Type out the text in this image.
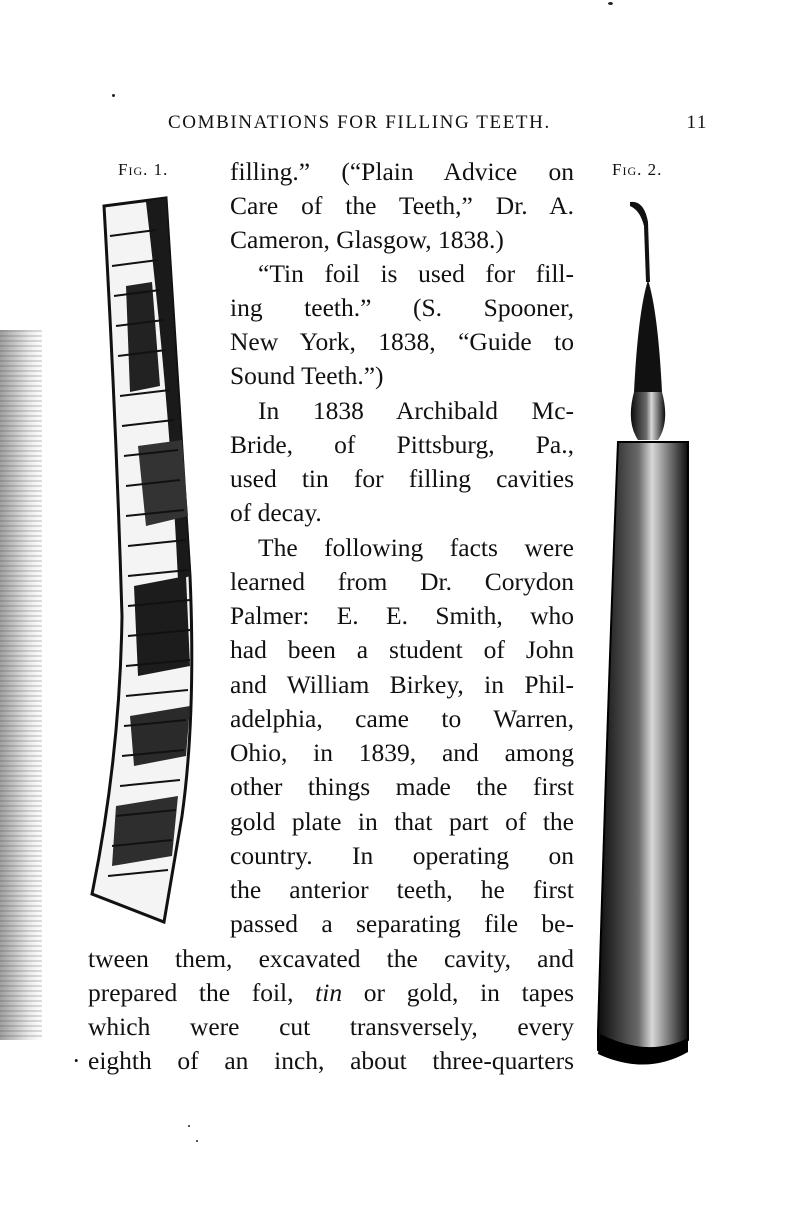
COMBINATIONS FOR FILLING TEETH.	11
Fig. 1.	Fig. 2.
filling.” (“Plain Advice on
Care of the Teeth,” Dr. A.
Cameron, Glasgow, 1838.)
“Tin foil is used for fill-
ing teeth.” (S. Spooner,
New York, 1838, “Guide to
Sound Teeth.”)
In 1838 Archibald Mc-
Bride, of Pittsburg, Pa.,
used tin for filling cavities
of decay.
The following facts were
learned from Dr. Corydon
Palmer: E. E. Smith, who
had been a student of John
and William Birkey, in Phil-
adelphia, came to Warren,
Ohio, in 1839, and among
other things made the first
gold plate in that part of the
country. In operating on
the anterior teeth, he first
passed a separating file be-
tween them, excavated the cavity, and
prepared the foil, tin or gold, in tapes
which were cut transversely, every
· eighth of an inch, about three-quarters
